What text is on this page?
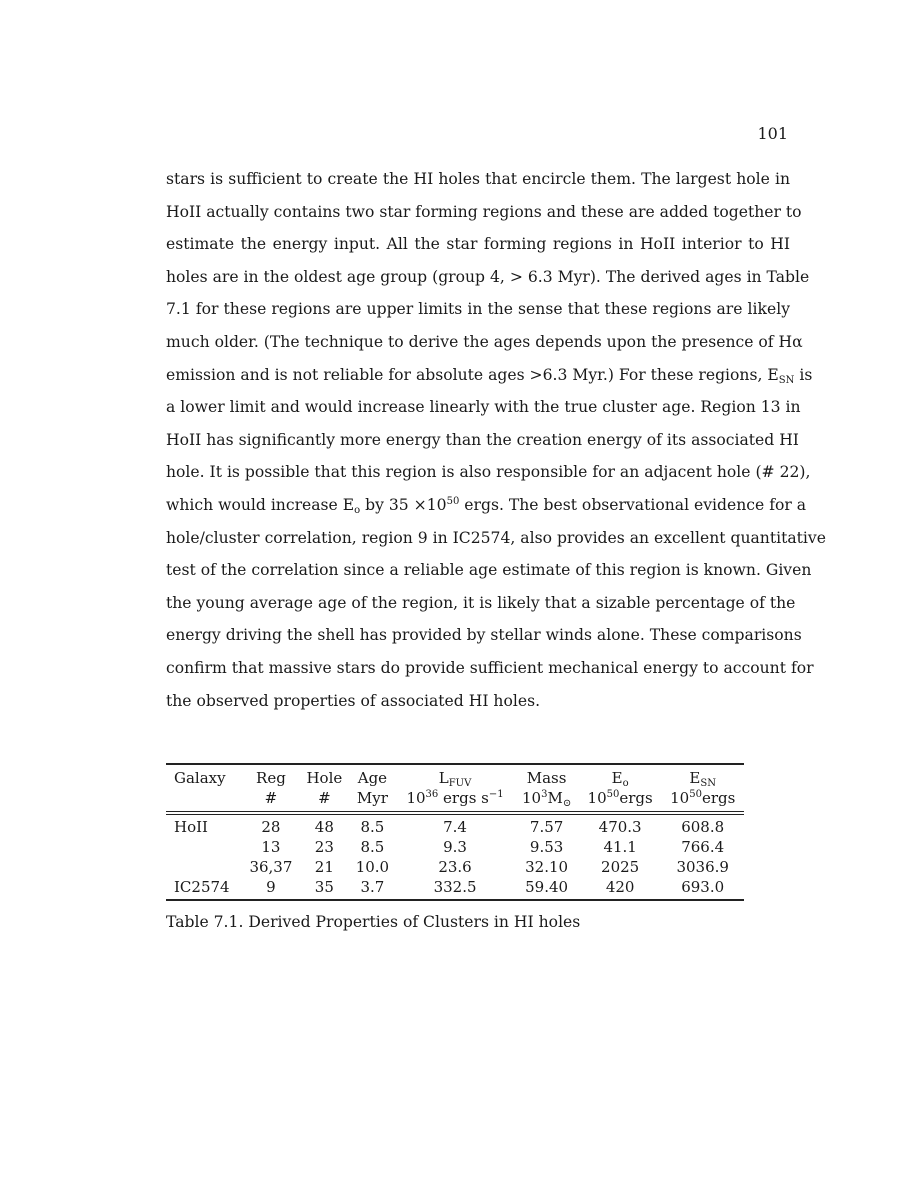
101
stars is sufficient to create the HI holes that encircle them. The largest hole in
HoII actually contains two star forming regions and these are added together to
estimate the energy input. All the star forming regions in HoII interior to HI
holes are in the oldest age group (group 4, > 6.3 Myr). The derived ages in Table
7.1 for these regions are upper limits in the sense that these regions are likely
much older. (The technique to derive the ages depends upon the presence of Hα
emission and is not reliable for absolute ages >6.3 Myr.) For these regions, $E_{SN}$ is
a lower limit and would increase linearly with the true cluster age. Region 13 in
HoII has significantly more energy than the creation energy of its associated HI
hole. It is possible that this region is also responsible for an adjacent hole (# 22),
which would increase $E_o$ by $35 \times 10^{50}$ ergs. The best observational evidence for a
hole/cluster correlation, region 9 in IC2574, also provides an excellent quantitative
test of the correlation since a reliable age estimate of this region is known. Given
the young average age of the region, it is likely that a sizable percentage of the
energy driving the shell has provided by stellar winds alone. These comparisons
confirm that massive stars do provide sufficient mechanical energy to account for
the observed properties of associated HI holes.
Galaxy	Reg	Hole	Age	$L_{FUV}$	Mass	$E_o$	$E_{SN}$
	#	#	Myr	$10^{36}$ ergs $s^{-1}$	$10^3M_⊙$	$10^{50}ergs$	$10^{50}ergs$
HoII	28	48	8.5	7.4	7.57	470.3	608.8
	13	23	8.5	9.3	9.53	41.1	766.4
	36,37	21	10.0	23.6	32.10	2025	3036.9
IC2574	9	35	3.7	332.5	59.40	420	693.0
Table 7.1. Derived Properties of Clusters in HI holes
